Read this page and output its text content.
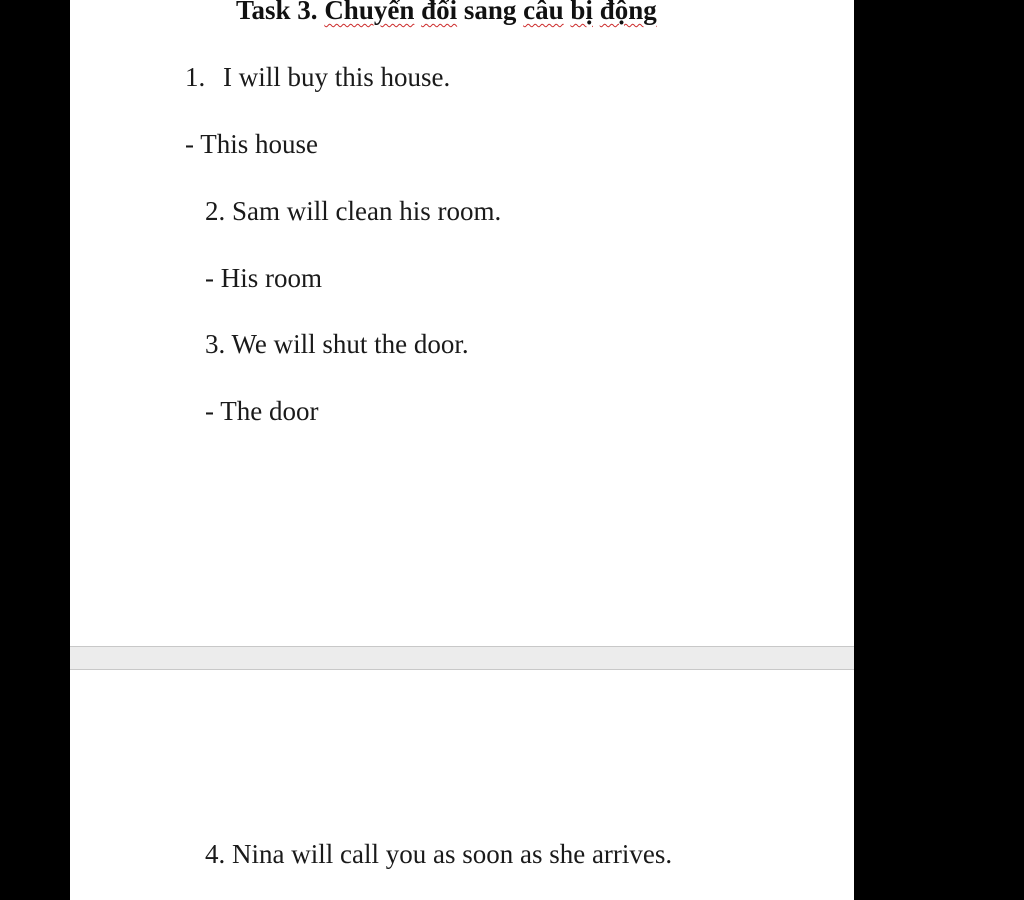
Task 3. Chuyển đổi sang câu bị động
1. I will buy this house.
- This house
2. Sam will clean his room.
- His room
3. We will shut the door.
- The door
4. Nina will call you as soon as she arrives.
